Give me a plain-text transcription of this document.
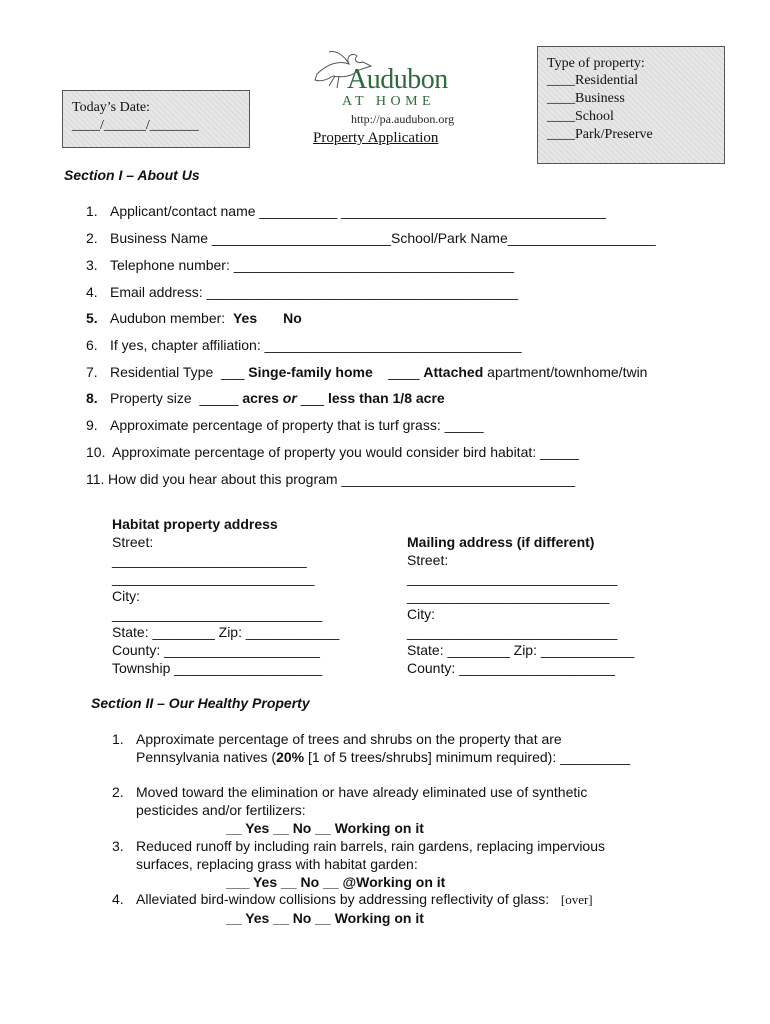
Today’s Date:
____/______/_______
Audubon
AT HOME
http://pa.audubon.org
Property Application
Type of property:
____Residential
____Business
____School
____Park/Preserve
Section I – About Us
1. Applicant/contact name __________ __________________________________
2. Business Name _______________________School/Park Name___________________
3. Telephone number: ____________________________________
4. Email address: ________________________________________
5. Audubon member: Yes No
6. If yes, chapter affiliation: _________________________________
7. Residential Type ___ Singe-family home ____ Attached apartment/townhome/twin
8. Property size _____ acres or ___ less than 1/8 acre
9. Approximate percentage of property that is turf grass: _____
10. Approximate percentage of property you would consider bird habitat: _____
11. How did you hear about this program ______________________________
Habitat property address
Street:
_________________________
__________________________
City:
___________________________
State: ________ Zip: ____________
County: ____________________
Township ___________________
Mailing address (if different)
Street:
___________________________
__________________________
City:
___________________________
State: ________ Zip: ____________
County: ____________________
Section II – Our Healthy Property
1. Approximate percentage of trees and shrubs on the property that are
Pennsylvania natives (20% [1 of 5 trees/shrubs] minimum required): _________
2. Moved toward the elimination or have already eliminated use of synthetic
pesticides and/or fertilizers:
__ Yes __ No __ Working on it
3. Reduced runoff by including rain barrels, rain gardens, replacing impervious
surfaces, replacing grass with habitat garden:
___ Yes __ No __ @Working on it
4. Alleviated bird-window collisions by addressing reflectivity of glass: [over]
__ Yes __ No __ Working on it
